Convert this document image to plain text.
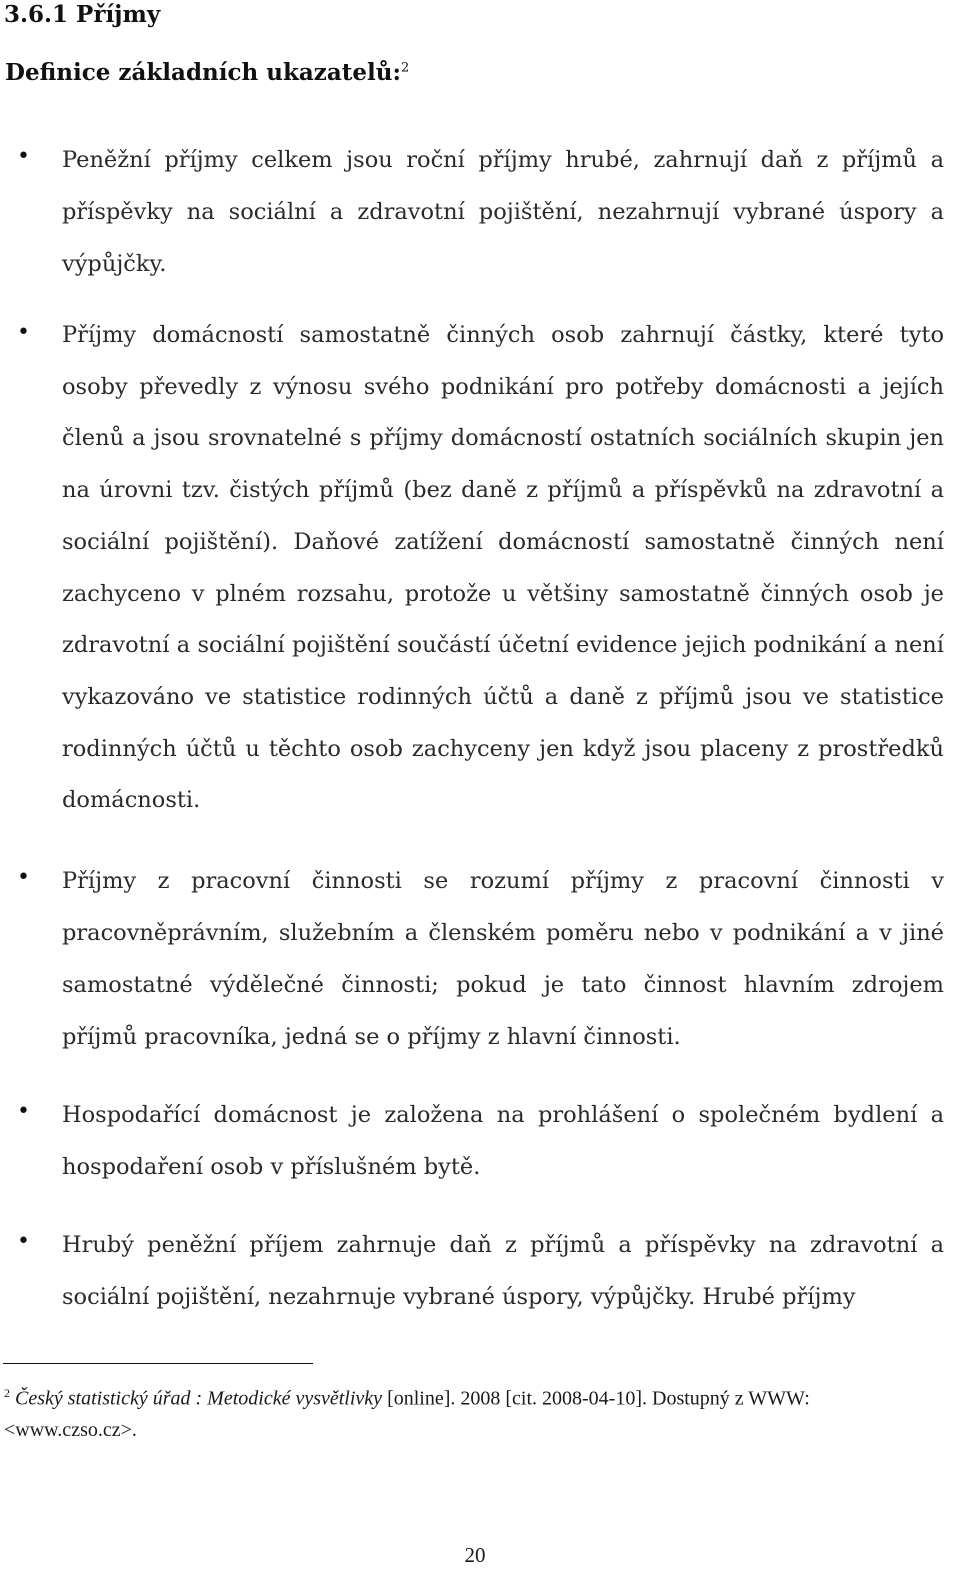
3.6.1 Příjmy
Definice základních ukazatelů:$^2$
• Peněžní příjmy celkem jsou roční příjmy hrubé, zahrnují daň z příjmů a příspěvky na sociální a zdravotní pojištění, nezahrnují vybrané úspory a výpůjčky.
• Příjmy domácností samostatně činných osob zahrnují částky, které tyto osoby převedly z výnosu svého podnikání pro potřeby domácnosti a jejích členů a jsou srovnatelné s příjmy domácností ostatních sociálních skupin jen na úrovni tzv. čistých příjmů (bez daně z příjmů a příspěvků na zdravotní a sociální pojištění). Daňové zatížení domácností samostatně činných není zachyceno v plném rozsahu, protože u většiny samostatně činných osob je zdravotní a sociální pojištění součástí účetní evidence jejich podnikání a není vykazováno ve statistice rodinných účtů a daně z příjmů jsou ve statistice rodinných účtů u těchto osob zachyceny jen když jsou placeny z prostředků domácnosti.
• Příjmy z pracovní činnosti se rozumí příjmy z pracovní činnosti v pracovněprávním, služebním a členském poměru nebo v podnikání a v jiné samostatné výdělečné činnosti; pokud je tato činnost hlavním zdrojem příjmů pracovníka, jedná se o příjmy z hlavní činnosti.
• Hospodařící domácnost je založena na prohlášení o společném bydlení a hospodaření osob v příslušném bytě.
• Hrubý peněžní příjem zahrnuje daň z příjmů a příspěvky na zdravotní a sociální pojištění, nezahrnuje vybrané úspory, výpůjčky. Hrubé příjmy
$^2$ Český statistický úřad : Metodické vysvětlivky [online]. 2008 [cit. 2008-04-10]. Dostupný z WWW: <www.czso.cz>.
20
